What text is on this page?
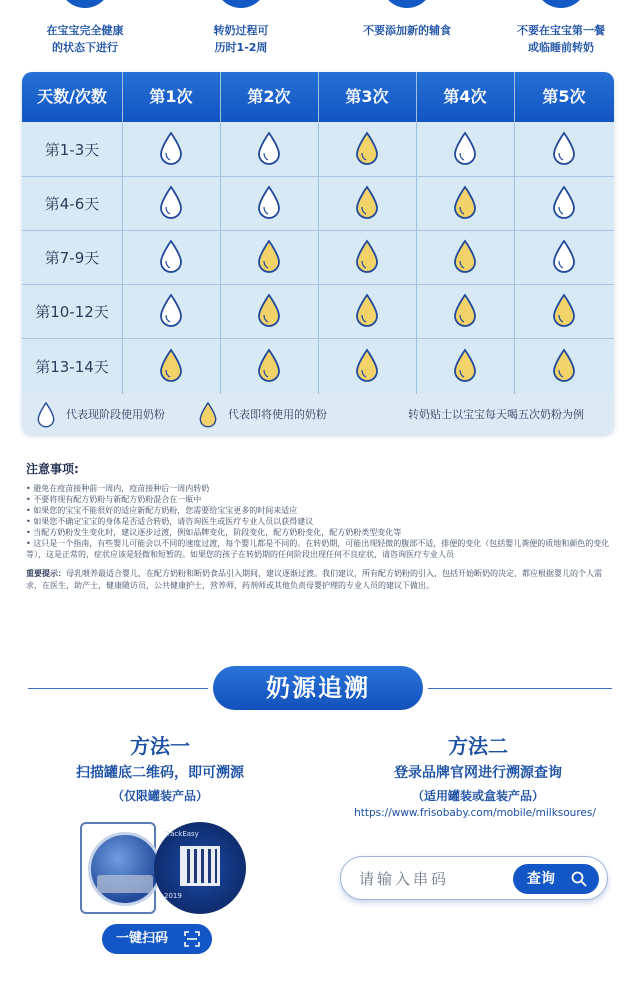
在宝宝完全健康
的状态下进行
转奶过程可
历时1-2周
不要添加新的辅食	不要在宝宝第一餐
或临睡前转奶
代表现阶段使用奶粉	代表即将使用的奶粉	转奶贴士以宝宝每天喝五次奶粉为例
天数/次数	第1次	第2次	第3次	第4次	第5次
第1-3天
第4-6天
第7-9天
第10-12天
第13-14天
注意事项:
• 避免在疫苗接种前一周内，疫苗接种后一周内转奶
• 不要将现有配方奶粉与新配方奶粉混合在一瓶中
• 如果您的宝宝不能很好的适应新配方奶粉，您需要给宝宝更多的时间来适应
• 如果您不确定宝宝的身体是否适合转奶，请咨询医生或医疗专业人员以获得建议
• 当配方奶粉发生变化时，建议逐步过渡，例如品牌变化，阶段变化，配方奶粉变化，配方奶粉类型变化等
• 这只是一个指南，有些婴儿可能会以不同的速度过渡，每个婴儿都是不同的。在转奶期，可能出现轻微的腹部不适，排便的变化（包括婴儿粪便的质地和颜色的变化等），这是正常的，症状应该是轻微和短暂的。如果您的孩子在转奶期的任何阶段出现任何不良症状，请咨询医疗专业人员

重要提示：母乳喂养最适合婴儿，在配方奶粉和断奶食品引入期间，建议逐渐过渡。我们建议，所有配方奶粉的引入，包括开始断奶的决定，都应根据婴儿的个人需求，在医生，助产士，健康随访员，公共健康护士，营养师，药剂师或其他负责母婴护理的专业人员的建议下做出。

奶源追溯
方法一
扫描罐底二维码，即可溯源
（仅限罐装产品）
方法二
登录品牌官网进行溯源查询
（适用罐装或盒装产品）
https://www.frisobaby.com/mobile/milksoures/
TrackEasy
2019
一键扫码
请输入串码
查询
